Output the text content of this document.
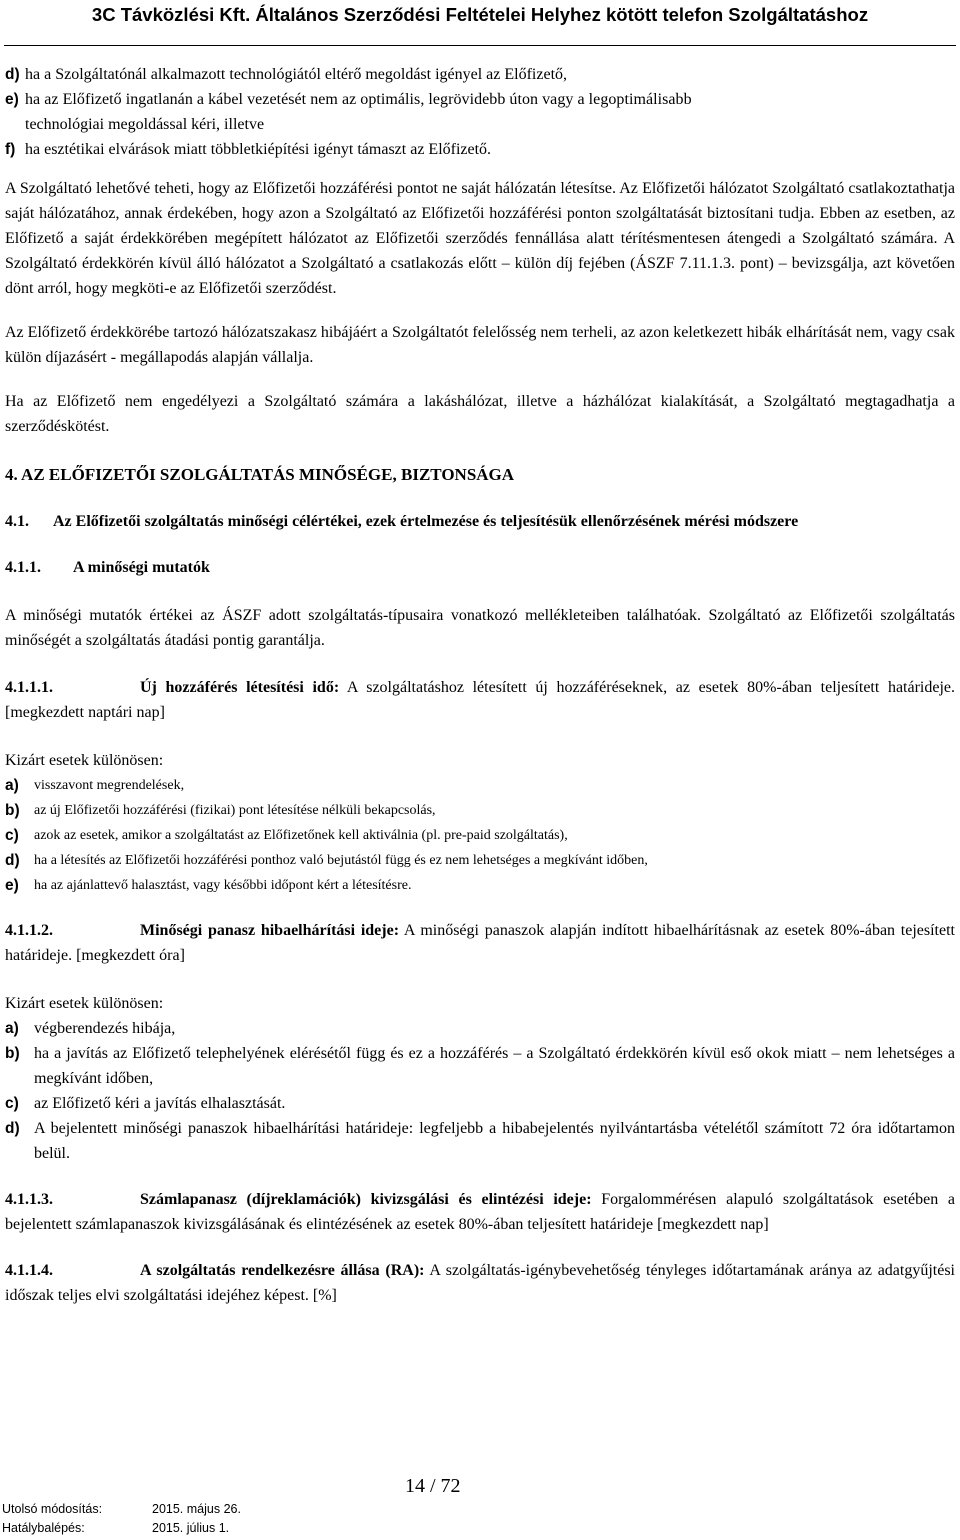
3C Távközlési Kft. Általános Szerződési Feltételei Helyhez kötött telefon Szolgáltatáshoz
d) ha a Szolgáltatónál alkalmazott technológiától eltérő megoldást igényel az Előfizető,
e) ha az Előfizető ingatlanán a kábel vezetését nem az optimális, legrövidebb úton vagy a legoptimálisabb
technológiai megoldással kéri, illetve
f) ha esztétikai elvárások miatt többletkiépítési igényt támaszt az Előfizető.

A Szolgáltató lehetővé teheti, hogy az Előfizetői hozzáférési pontot ne saját hálózatán létesítse. Az Előfizetői hálózatot Szolgáltató csatlakoztathatja saját hálózatához, annak érdekében, hogy azon a Szolgáltató az Előfizetői hozzáférési ponton szolgáltatását biztosítani tudja. Ebben az esetben, az Előfizető a saját érdekkörében megépített hálózatot az Előfizetői szerződés fennállása alatt térítésmentesen átengedi a Szolgáltató számára. A Szolgáltató érdekkörén kívül álló hálózatot a Szolgáltató a csatlakozás előtt – külön díj fejében (ÁSZF 7.11.1.3. pont) – bevizsgálja, azt követően dönt arról, hogy megköti-e az Előfizetői szerződést.

Az Előfizető érdekkörébe tartozó hálózatszakasz hibájáért a Szolgáltatót felelősség nem terheli, az azon keletkezett hibák elhárítását nem, vagy csak külön díjazásért - megállapodás alapján vállalja.

Ha az Előfizető nem engedélyezi a Szolgáltató számára a lakáshálózat, illetve a házhálózat kialakítását, a Szolgáltató megtagadhatja a szerződéskötést.

4. AZ ELŐFIZETŐI SZOLGÁLTATÁS MINŐSÉGE, BIZTONSÁGA
4.1. Az Előfizetői szolgáltatás minőségi célértékei, ezek értelmezése és teljesítésük ellenőrzésének mérési módszere
4.1.1. A minőségi mutatók

A minőségi mutatók értékei az ÁSZF adott szolgáltatás-típusaira vonatkozó mellékleteiben találhatóak. Szolgáltató az Előfizetői szolgáltatás minőségét a szolgáltatás átadási pontig garantálja.

4.1.1.1.	Új hozzáférés létesítési idő: A szolgáltatáshoz létesített új hozzáféréseknek, az esetek 80%-ában teljesített határideje. [megkezdett naptári nap]

Kizárt esetek különösen:
a)	visszavont megrendelések,
b)	az új Előfizetői hozzáférési (fizikai) pont létesítése nélküli bekapcsolás,
c)	azok az esetek, amikor a szolgáltatást az Előfizetőnek kell aktiválnia (pl. pre-paid szolgáltatás),
d)	ha a létesítés az Előfizetői hozzáférési ponthoz való bejutástól függ és ez nem lehetséges a megkívánt időben,
e)	ha az ajánlattevő halasztást, vagy későbbi időpont kért a létesítésre.

4.1.1.2.	Minőségi panasz hibaelhárítási ideje: A minőségi panaszok alapján indított hibaelhárításnak az esetek 80%-ában tejesített határideje. [megkezdett óra]

Kizárt esetek különösen:
a) végberendezés hibája,
b) ha a javítás az Előfizető telephelyének elérésétől függ és ez a hozzáférés – a Szolgáltató érdekkörén kívül eső okok miatt – nem lehetséges a megkívánt időben,
c) az Előfizető kéri a javítás elhalasztását.
d) A bejelentett minőségi panaszok hibaelhárítási határideje: legfeljebb a hibabejelentés nyilvántartásba vételétől számított 72 óra időtartamon belül.

4.1.1.3.	Számlapanasz (díjreklamációk) kivizsgálási és elintézési ideje: Forgalommérésen alapuló szolgáltatások esetében a bejelentett számlapanaszok kivizsgálásának és elintézésének az esetek 80%-ában teljesített határideje [megkezdett nap]

4.1.1.4.	A szolgáltatás rendelkezésre állása (RA): A szolgáltatás-igénybevehetőség tényleges időtartamának aránya az adatgyűjtési időszak teljes elvi szolgáltatási idejéhez képest. [%]

14 / 72
Utolsó módosítás:	2015. május 26.
Hatálybalépés:	2015. július 1.
